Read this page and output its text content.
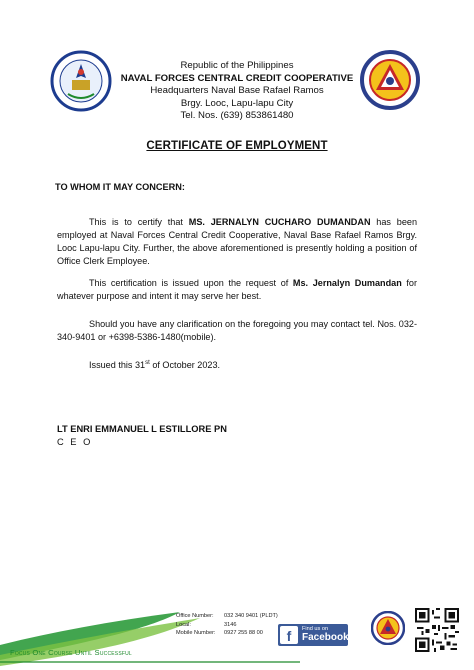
Republic of the Philippines
NAVAL FORCES CENTRAL CREDIT COOPERATIVE
Headquarters Naval Base Rafael Ramos
Brgy. Looc, Lapu-lapu City
Tel. Nos. (639) 853861480
CERTIFICATE OF EMPLOYMENT
TO WHOM IT MAY CONCERN:
This is to certify that MS. JERNALYN CUCHARO DUMANDAN has been employed at Naval Forces Central Credit Cooperative, Naval Base Rafael Ramos Brgy. Looc Lapu-lapu City. Further, the above aforementioned is presently holding a position of Office Clerk Employee.
This certification is issued upon the request of Ms. Jernalyn Dumandan for whatever purpose and intent it may serve her best.
Should you have any clarification on the foregoing you may contact tel. Nos. 032-340-9401 or +6398-5386-1480(mobile).
Issued this 31st of October 2023.
LT ENRI EMMANUEL L ESTILLORE PN
C E O
Focus One Course Until Successful
Office Number:	032 340 9401 (PLDT)
Local:	3146
Mobile Number:	0927 255 88 00	f	Find us on
Facebook
